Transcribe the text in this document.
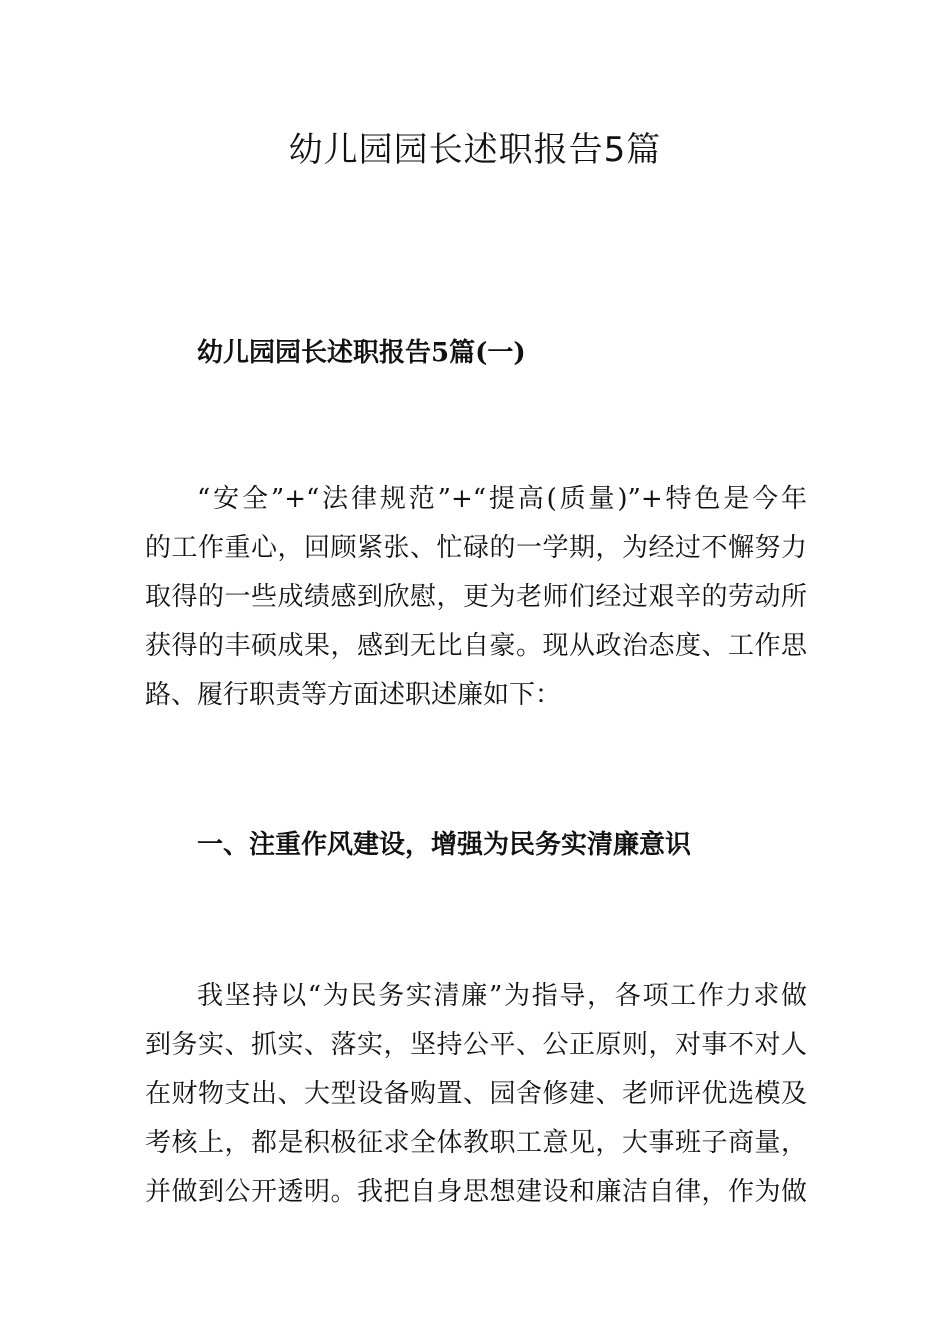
幼儿园园长述职报告5篇
幼儿园园长述职报告5篇(一)
“安全”+“法律规范”+“提高(质量)”+特色是今年
的工作重心，回顾紧张、忙碌的一学期，为经过不懈努力
取得的一些成绩感到欣慰，更为老师们经过艰辛的劳动所
获得的丰硕成果，感到无比自豪。现从政治态度、工作思
路、履行职责等方面述职述廉如下：
一、注重作风建设，增强为民务实清廉意识
我坚持以“为民务实清廉”为指导，各项工作力求做
到务实、抓实、落实，坚持公平、公正原则，对事不对人
在财物支出、大型设备购置、园舍修建、老师评优选模及
考核上，都是积极征求全体教职工意见，大事班子商量，
并做到公开透明。我把自身思想建设和廉洁自律，作为做
